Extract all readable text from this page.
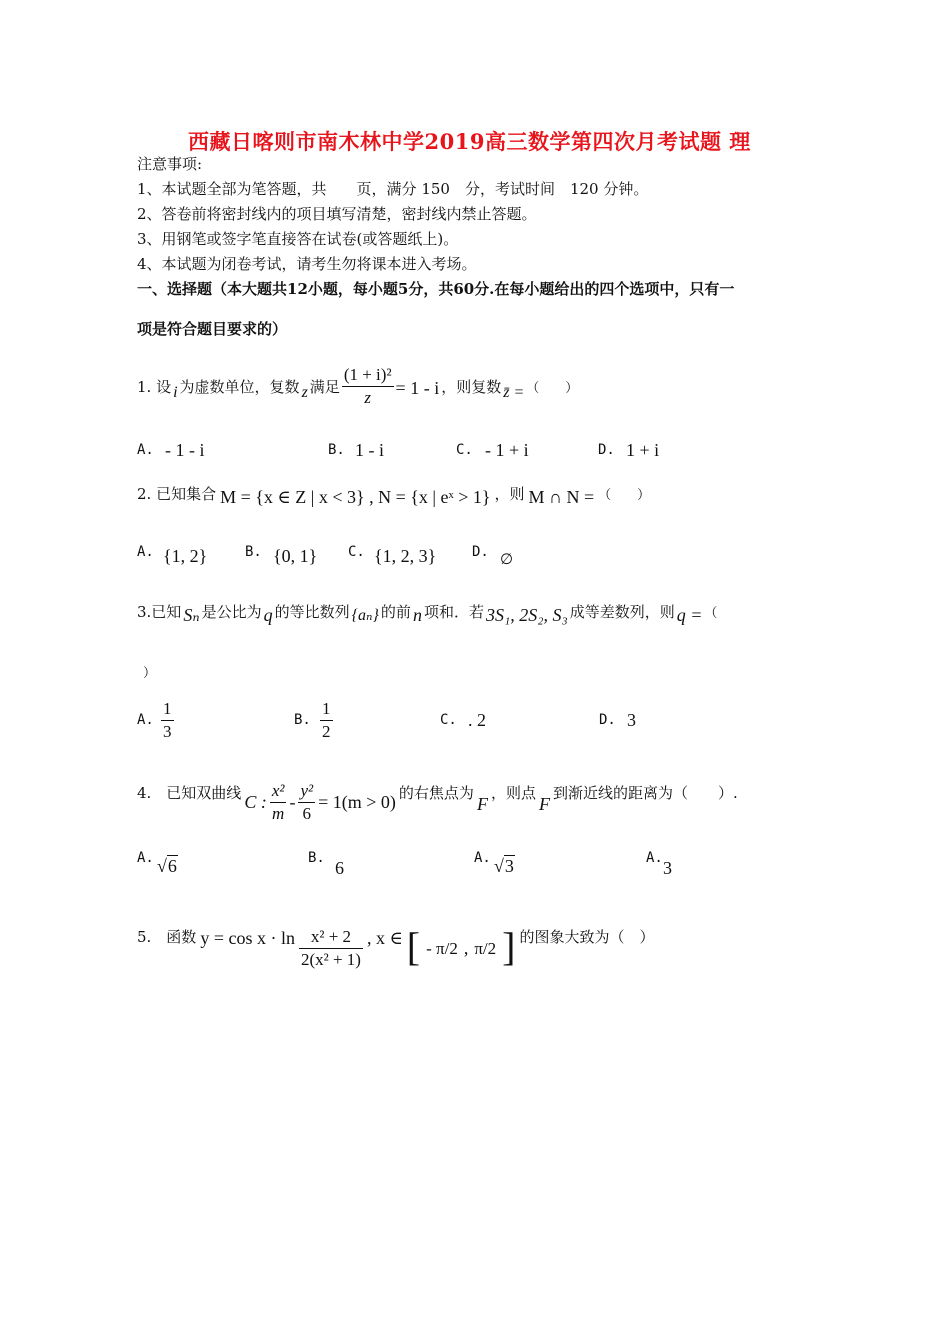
西藏日喀则市南木林中学2019高三数学第四次月考试题 理
注意事项:
1、本试题全部为笔答题，共　　页，满分 150　分，考试时间　120 分钟。
2、答卷前将密封线内的项目填写清楚，密封线内禁止答题。
3、用钢笔或签字笔直接答在试卷(或答题纸上)。
4、本试题为闭卷考试，请考生勿将课本进入考场。
一、选择题（本大题共12小题，每小题5分，共60分.在每小题给出的四个选项中，只有一
项是符合题目要求的）
1. 设 i 为虚数单位，复数 z 满足 $\frac{\text{(1 + i)²}}{z} = 1 - i$ ，则复数 z̄ = （　　）
A. - 1 - i	B. 1 - i	C. - 1 + i	D. 1 + i
2. 已知集合 M = {x ∈ Z | x < 3} , N = {x | eˣ > 1} ，则 M ∩ N = （　　）
A. {1, 2}	B. {0, 1} C. {1, 2, 3}	D. ∅
3.已知 Sₙ 是公比为 q 的等比数列 {aₙ} 的前 n 项和．若 3S₁, 2S₂, S₃ 成等差数列，则 q = （
）
A. $\frac{1}{3}$	B. $\frac{1}{2}$	C. . 2	D. 3
4.　已知双曲线 C : $\frac{\text{x²}}{m} - \frac{\text{y²}}{6} = 1(m > 0)$ 的右焦点为
F
，则点
F
到渐近线的距离为（　　）.
A. √6	B. 6	A. √3	A. 3
5.　函数 $y = \cos x \cdot \ln \frac{\text{x² + 2}}{\text{2(x² + 1)}}$ , x ∈ [ - π/2 , π/2 ] 的图象大致为（　）
